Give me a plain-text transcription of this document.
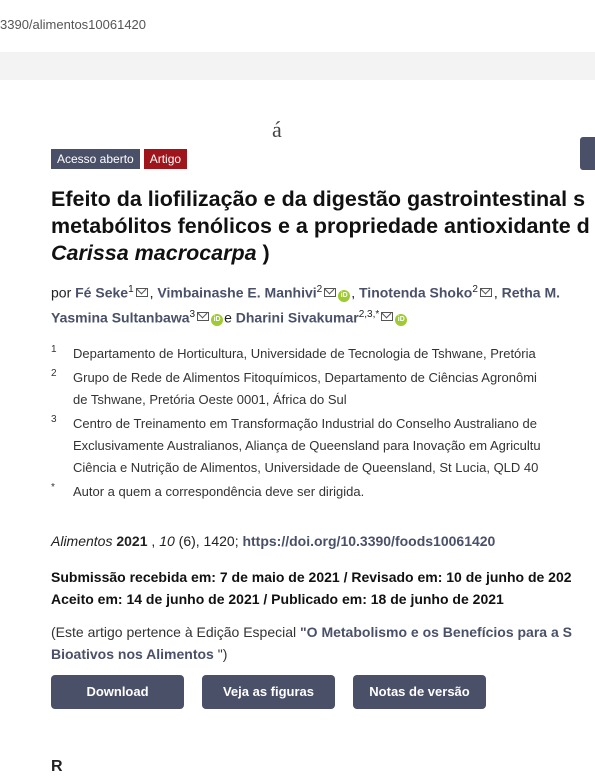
3390/alimentos10061420
á
Acesso aberto	Artigo
Efeito da liofilização e da digestão gastrointestinal s
metabólitos fenólicos e a propriedade antioxidante d
Carissa macrocarpa )
por Fé Seke$^1$ , Vimbainashe E. Manhivi$^2$iD , Tinotenda Shoko$^2$ , Retha M.
Yasmina Sultanbawa$^3$iD e Dharini Sivakumar$^{2,3,*}$iD
1	Departamento de Horticultura, Universidade de Tecnologia de Tshwane, Pretória
2	Grupo de Rede de Alimentos Fitoquímicos, Departamento de Ciências Agronômi
de Tshwane, Pretória Oeste 0001, África do Sul
3	Centro de Treinamento em Transformação Industrial do Conselho Australiano de
Exclusivamente Australianos, Aliança de Queensland para Inovação em Agricultu
Ciência e Nutrição de Alimentos, Universidade de Queensland, St Lucia, QLD 40
*	Autor a quem a correspondência deve ser dirigida.
Alimentos 2021 , 10 (6), 1420; https://doi.org/10.3390/foods10061420
Submissão recebida em: 7 de maio de 2021 / Revisado em: 10 de junho de 202
Aceito em: 14 de junho de 2021 / Publicado em: 18 de junho de 2021
(Este artigo pertence à Edição Especial "O Metabolismo e os Benefícios para a S
Bioativos nos Alimentos ")
Download	Veja as figuras	Notas de versão
R
